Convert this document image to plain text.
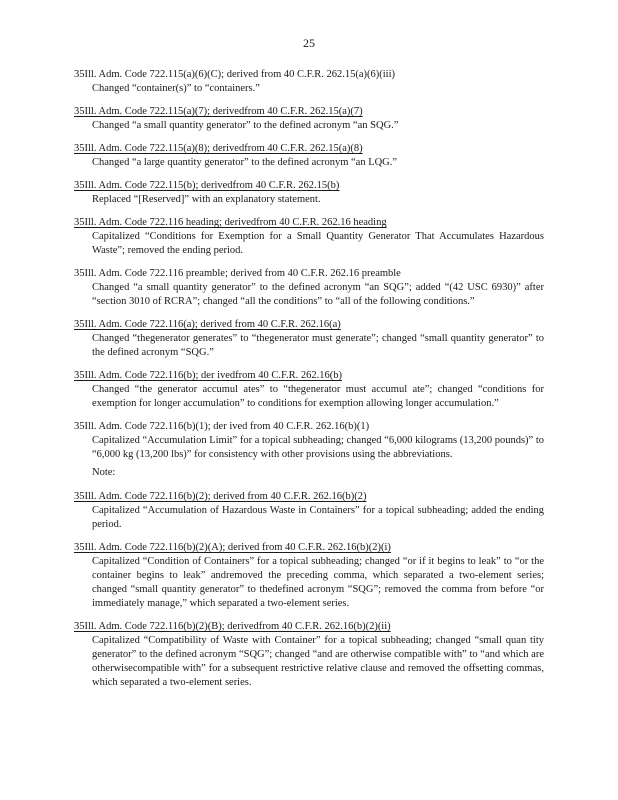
25
35Ill. Adm. Code 722.115(a)(6)(C); derived from 40 C.F.R. 262.15(a)(6)(iii)
Changed “container(s)” to “containers.”
35Ill. Adm. Code 722.115(a)(7); derivedfrom 40 C.F.R. 262.15(a)(7)
Changed “a small quantity generator” to the defined acronym “an SQG.”
35Ill. Adm. Code 722.115(a)(8); derivedfrom 40 C.F.R. 262.15(a)(8)
Changed “a large quantity generator” to the defined acronym “an LQG.”
35Ill. Adm. Code 722.115(b); derivedfrom 40 C.F.R. 262.15(b)
Replaced “[Reserved]” with an explanatory statement.
35Ill. Adm. Code 722.116 heading; derivedfrom 40 C.F.R. 262.16 heading
Capitalized “Conditions for Exemption for a Small Quantity Generator That Accumulates Hazardous Waste”; removed the ending period.
35Ill. Adm. Code 722.116 preamble; derived from 40 C.F.R. 262.16 preamble
Changed “a small quantity generator” to the defined acronym “an SQG”; added “(42 USC 6930)” after “section 3010 of RCRA”; changed “all the conditions” to “all of the following conditions.”
35Ill. Adm. Code 722.116(a); derived from 40 C.F.R. 262.16(a)
Changed “thegenerator generates” to “thegenerator must generate”; changed “small quantity generator” to the defined acronym “SQG.”
35Ill. Adm. Code 722.116(b); der ivedfrom 40 C.F.R. 262.16(b)
Changed “the generator accumul ates” to “thegenerator must accumul ate”; changed “conditions for exemption for longer accumulation” to conditions for exemption allowing longer accumulation.”
35Ill. Adm. Code 722.116(b)(1); der ived from 40 C.F.R. 262.16(b)(1)
Capitalized “Accumulation Limit” for a topical subheading; changed “6,000 kilograms (13,200 pounds)” to “6,000 kg (13,200 lbs)” for consistency with other provisions using the abbreviations.
Note:
35Ill. Adm. Code 722.116(b)(2); derived from 40 C.F.R. 262.16(b)(2)
Capitalized “Accumulation of Hazardous Waste in Containers” for a topical subheading; added the ending period.
35Ill. Adm. Code 722.116(b)(2)(A); derived from 40 C.F.R. 262.16(b)(2)(i)
Capitalized “Condition of Containers” for a topical subheading; changed “or if it begins to leak” to “or the container begins to leak” andremoved the preceding comma, which separated a two-element series; changed “small quantity generator” to thedefined acronym “SQG”; removed the comma from before “or immediately manage,” which separated a two-element series.
35Ill. Adm. Code 722.116(b)(2)(B); derivedfrom 40 C.F.R. 262.16(b)(2)(ii)
Capitalized “Compatibility of Waste with Container” for a topical subheading; changed “small quan tity generator” to the defined acronym “SQG”; changed “and are otherwise compatible with” to “and which are otherwisecompatible with” for a subsequent restrictive relative clause and removed the offsetting commas, which separated a two-element series.
